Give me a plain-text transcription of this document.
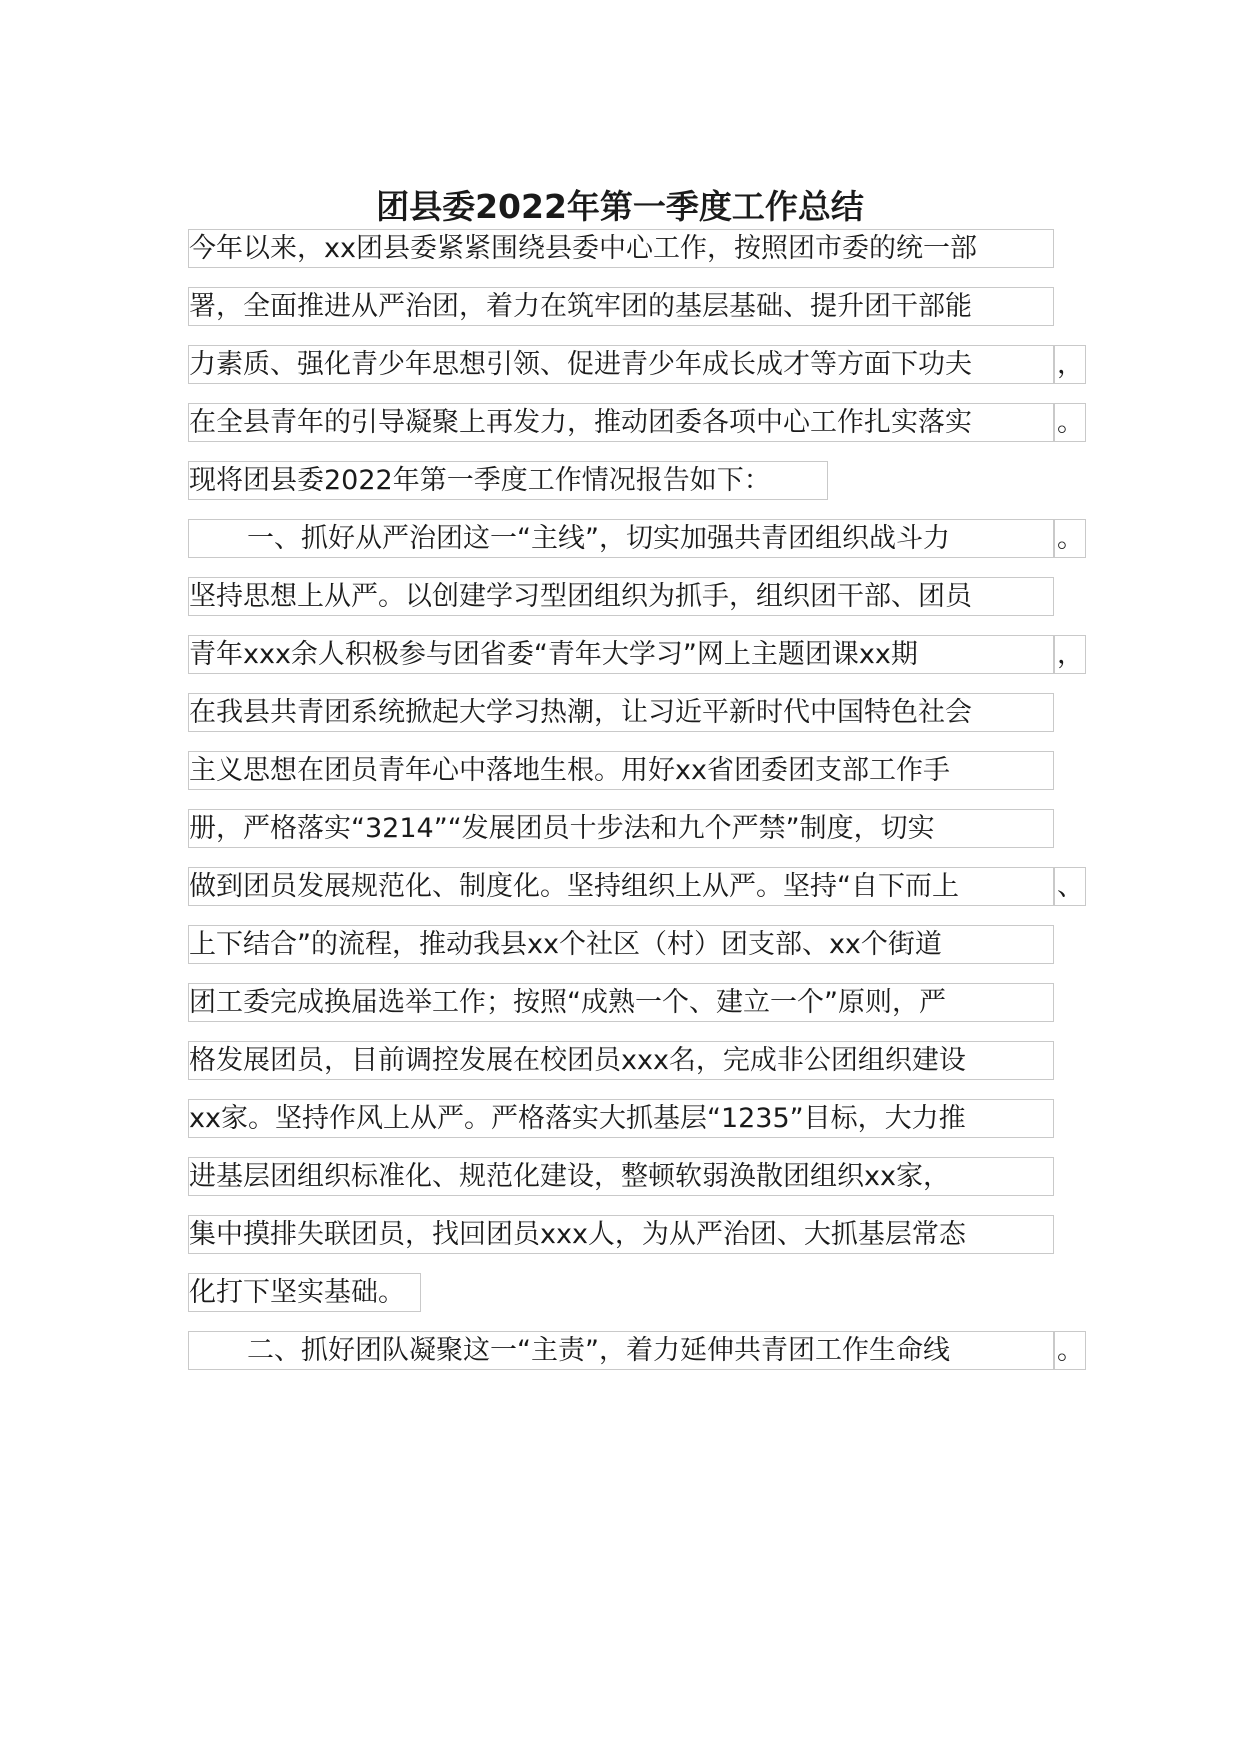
团县委2022年第一季度工作总结
今年以来，xx团县委紧紧围绕县委中心工作，按照团市委的统一部
署，全面推进从严治团，着力在筑牢团的基层基础、提升团干部能
力素质、强化青少年思想引领、促进青少年成长成才等方面下功夫	，
在全县青年的引导凝聚上再发力，推动团委各项中心工作扎实落实	。
现将团县委2022年第一季度工作情况报告如下：
一、抓好从严治团这一“主线”，切实加强共青团组织战斗力	。
坚持思想上从严。以创建学习型团组织为抓手，组织团干部、团员
青年xxx余人积极参与团省委“青年大学习”网上主题团课xx期	，
在我县共青团系统掀起大学习热潮，让习近平新时代中国特色社会
主义思想在团员青年心中落地生根。用好xx省团委团支部工作手
册，严格落实“3214”“发展团员十步法和九个严禁”制度，切实
做到团员发展规范化、制度化。坚持组织上从严。坚持“自下而上	、
上下结合”的流程，推动我县xx个社区（村）团支部、xx个街道
团工委完成换届选举工作；按照“成熟一个、建立一个”原则，严
格发展团员，目前调控发展在校团员xxx名，完成非公团组织建设
xx家。坚持作风上从严。严格落实大抓基层“1235”目标，大力推
进基层团组织标准化、规范化建设，整顿软弱涣散团组织xx家，
集中摸排失联团员，找回团员xxx人，为从严治团、大抓基层常态
化打下坚实基础。
二、抓好团队凝聚这一“主责”，着力延伸共青团工作生命线	。
